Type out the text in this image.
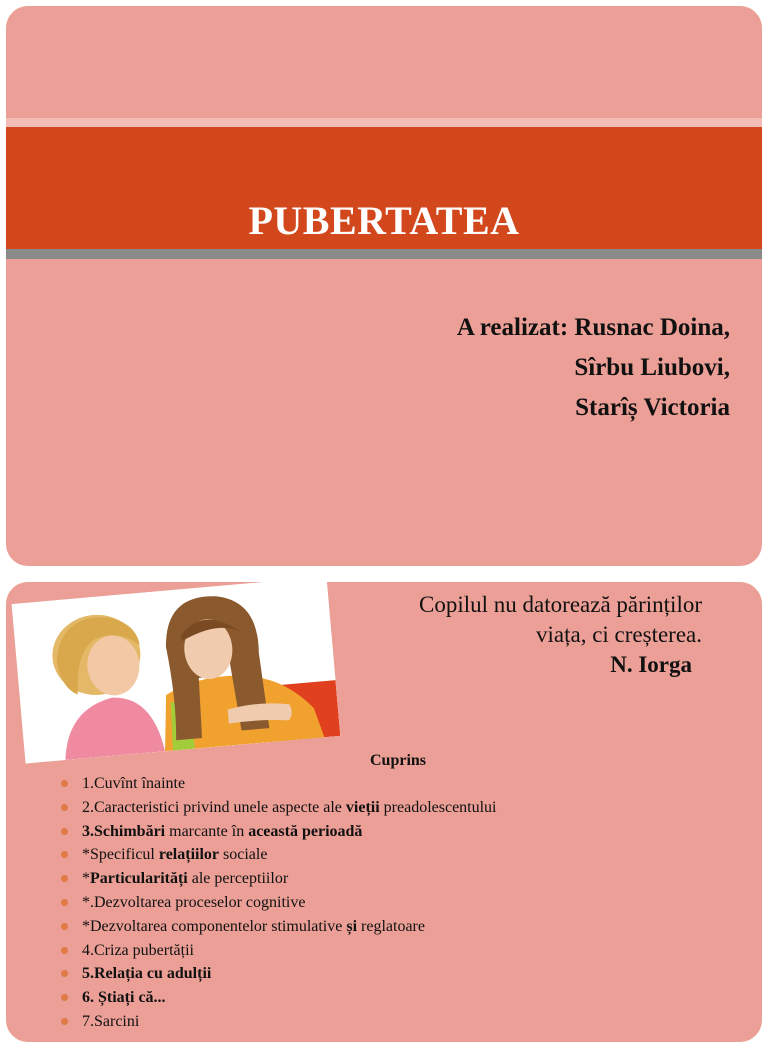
PUBERTATEA
A realizat: Rusnac Doina,
Sîrbu Liubovi,
Starîș Victoria
Copilul nu datorează părinților
viața, ci creșterea.
N. Iorga
Cuprins
1.Cuvînt înainte
2.Caracteristici privind unele aspecte ale vieții preadolescentului
3.Schimbări marcante în această perioadă
*Specificul relațiilor sociale
*Particularități ale perceptiilor
*.Dezvoltarea proceselor cognitive
*Dezvoltarea componentelor stimulative și reglatoare
4.Criza pubertății
5.Relația cu adulții
6. Știați că...
7.Sarcini
